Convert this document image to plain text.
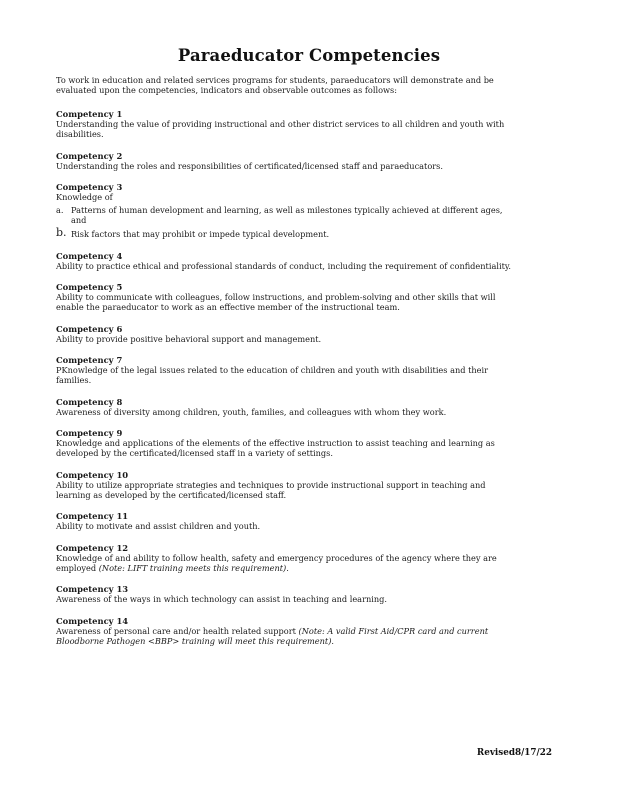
Paraeducator Competencies

To work in education and related services programs for students, paraeducators will demonstrate and be evaluated upon the competencies, indicators and observable outcomes as follows:

Competency 1
Understanding the value of providing instructional and other district services to all children and youth with disabilities.
Competency 2
Understanding the roles and responsibilities of certificated/licensed staff and paraeducators.
Competency 3
Knowledge of
a. Patterns of human development and learning, as well as milestones typically achieved at different ages, and
b. Risk factors that may prohibit or impede typical development.
Competency 4
Ability to practice ethical and professional standards of conduct, including the requirement of confidentiality.
Competency 5
Ability to communicate with colleagues, follow instructions, and problem-solving and other skills that will enable the paraeducator to work as an effective member of the instructional team.
Competency 6
Ability to provide positive behavioral support and management.
Competency 7
PKnowledge of the legal issues related to the education of children and youth with disabilities and their families.
Competency 8
Awareness of diversity among children, youth, families, and colleagues with whom they work.
Competency 9
Knowledge and applications of the elements of the effective instruction to assist teaching and learning as developed by the certificated/licensed staff in a variety of settings.
Competency 10
Ability to utilize appropriate strategies and techniques to provide instructional support in teaching and learning as developed by the certificated/licensed staff.
Competency 11
Ability to motivate and assist children and youth.
Competency 12
Knowledge of and ability to follow health, safety and emergency procedures of the agency where they are employed (Note: LIFT training meets this requirement).
Competency 13
Awareness of the ways in which technology can assist in teaching and learning.
Competency 14
Awareness of personal care and/or health related support (Note: A valid First Aid/CPR card and current Bloodborne Pathogen <BBP> training will meet this requirement).
Revised8/17/22
